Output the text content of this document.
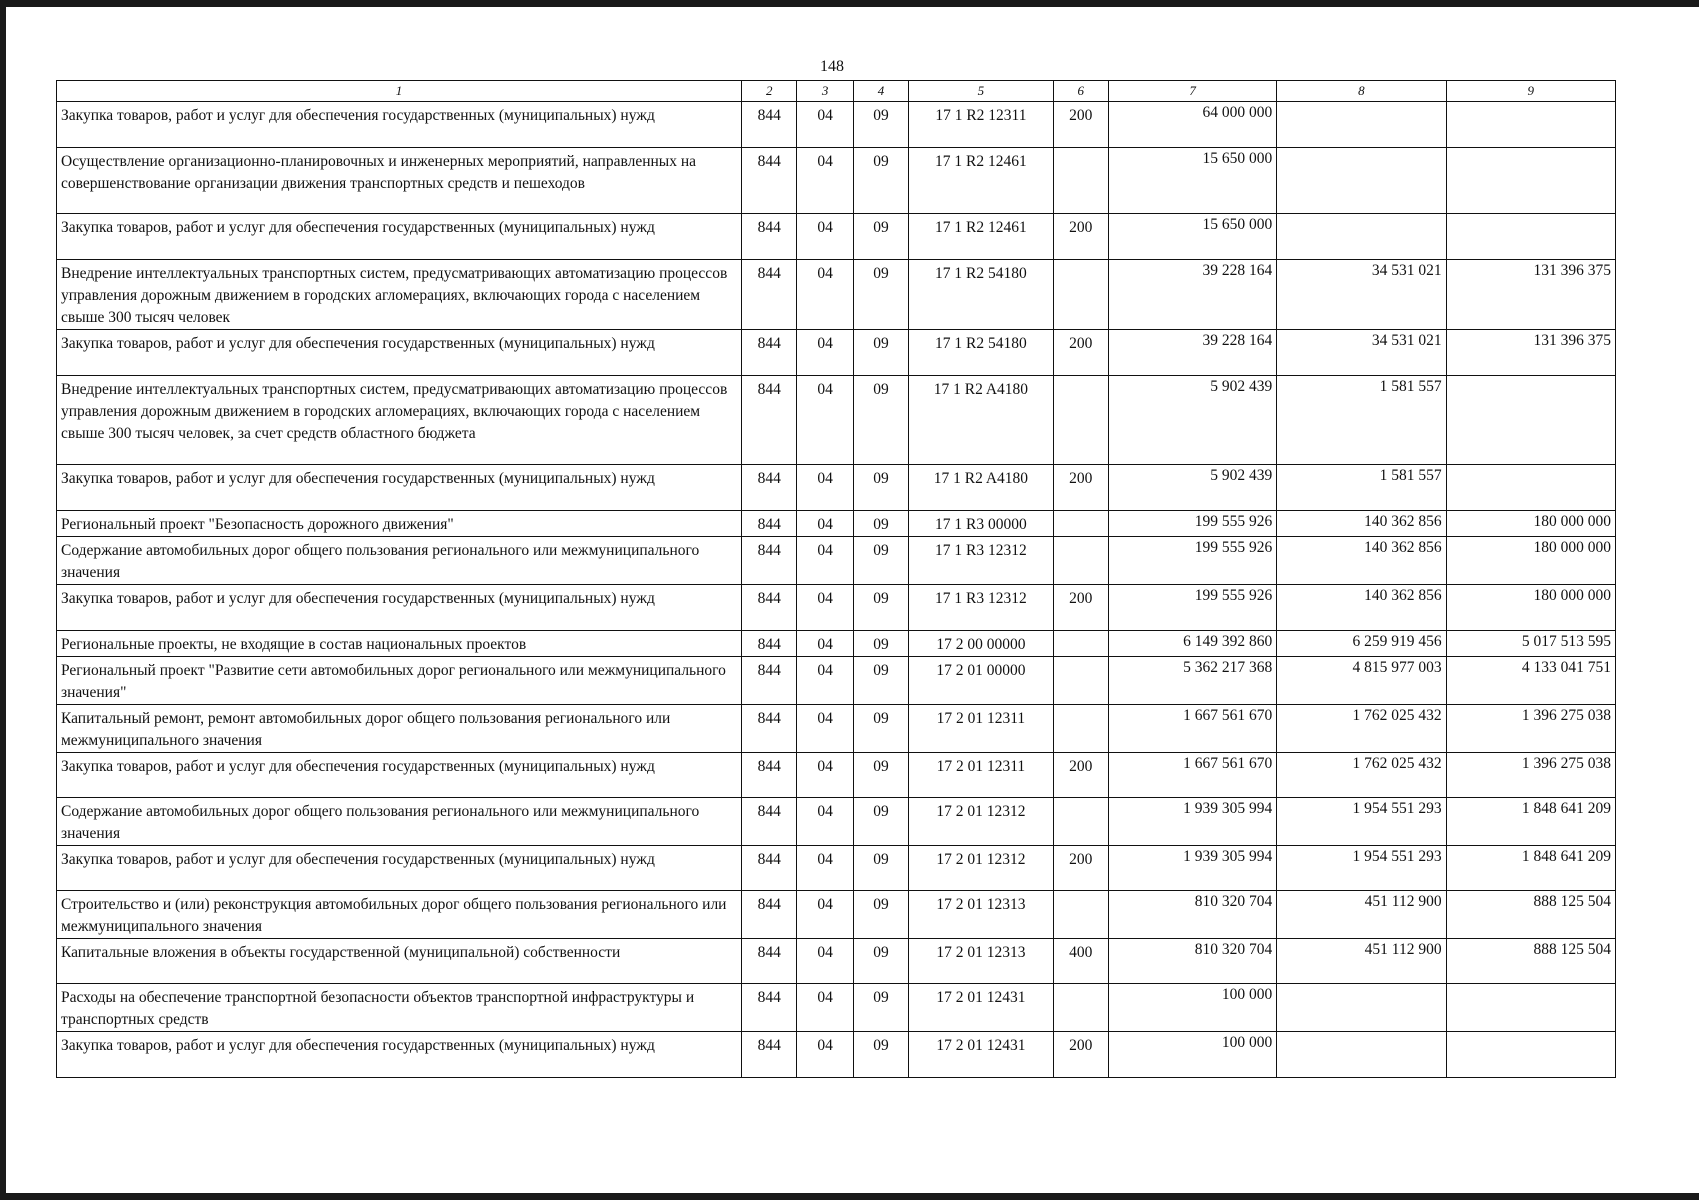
148
1	2	3	4	5	6	7	8	9
Закупка товаров, работ и услуг для обеспечения государственных (муниципальных) нужд	844	04	09	17 1 R2 12311	200	64 000 000		
Осуществление организационно-планировочных и инженерных мероприятий, направленных на совершенствование организации движения транспортных средств и пешеходов	844	04	09	17 1 R2 12461		15 650 000		
Закупка товаров, работ и услуг для обеспечения государственных (муниципальных) нужд	844	04	09	17 1 R2 12461	200	15 650 000		
Внедрение интеллектуальных транспортных систем, предусматривающих автоматизацию процессов управления дорожным движением в городских агломерациях, включающих города с населением свыше 300 тысяч человек	844	04	09	17 1 R2 54180		39 228 164	34 531 021	131 396 375
Закупка товаров, работ и услуг для обеспечения государственных (муниципальных) нужд	844	04	09	17 1 R2 54180	200	39 228 164	34 531 021	131 396 375
Внедрение интеллектуальных транспортных систем, предусматривающих автоматизацию процессов управления дорожным движением в городских агломерациях, включающих города с населением свыше 300 тысяч человек, за счет средств областного бюджета	844	04	09	17 1 R2 A4180		5 902 439	1 581 557	
Закупка товаров, работ и услуг для обеспечения государственных (муниципальных) нужд	844	04	09	17 1 R2 A4180	200	5 902 439	1 581 557	
Региональный проект "Безопасность дорожного движения"	844	04	09	17 1 R3 00000		199 555 926	140 362 856	180 000 000
Содержание автомобильных дорог общего пользования регионального или межмуниципального значения	844	04	09	17 1 R3 12312		199 555 926	140 362 856	180 000 000
Закупка товаров, работ и услуг для обеспечения государственных (муниципальных) нужд	844	04	09	17 1 R3 12312	200	199 555 926	140 362 856	180 000 000
Региональные проекты, не входящие в состав национальных проектов	844	04	09	17 2 00 00000		6 149 392 860	6 259 919 456	5 017 513 595
Региональный проект "Развитие сети автомобильных дорог регионального или межмуниципального значения"	844	04	09	17 2 01 00000		5 362 217 368	4 815 977 003	4 133 041 751
Капитальный ремонт, ремонт автомобильных дорог общего пользования регионального или межмуниципального значения	844	04	09	17 2 01 12311		1 667 561 670	1 762 025 432	1 396 275 038
Закупка товаров, работ и услуг для обеспечения государственных (муниципальных) нужд	844	04	09	17 2 01 12311	200	1 667 561 670	1 762 025 432	1 396 275 038
Содержание автомобильных дорог общего пользования регионального или межмуниципального значения	844	04	09	17 2 01 12312		1 939 305 994	1 954 551 293	1 848 641 209
Закупка товаров, работ и услуг для обеспечения государственных (муниципальных) нужд	844	04	09	17 2 01 12312	200	1 939 305 994	1 954 551 293	1 848 641 209
Строительство и (или) реконструкция автомобильных дорог общего пользования регионального или межмуниципального значения	844	04	09	17 2 01 12313		810 320 704	451 112 900	888 125 504
Капитальные вложения в объекты государственной (муниципальной) собственности	844	04	09	17 2 01 12313	400	810 320 704	451 112 900	888 125 504
Расходы на обеспечение транспортной безопасности объектов транспортной инфраструктуры и транспортных средств	844	04	09	17 2 01 12431		100 000		
Закупка товаров, работ и услуг для обеспечения государственных (муниципальных) нужд	844	04	09	17 2 01 12431	200	100 000		
